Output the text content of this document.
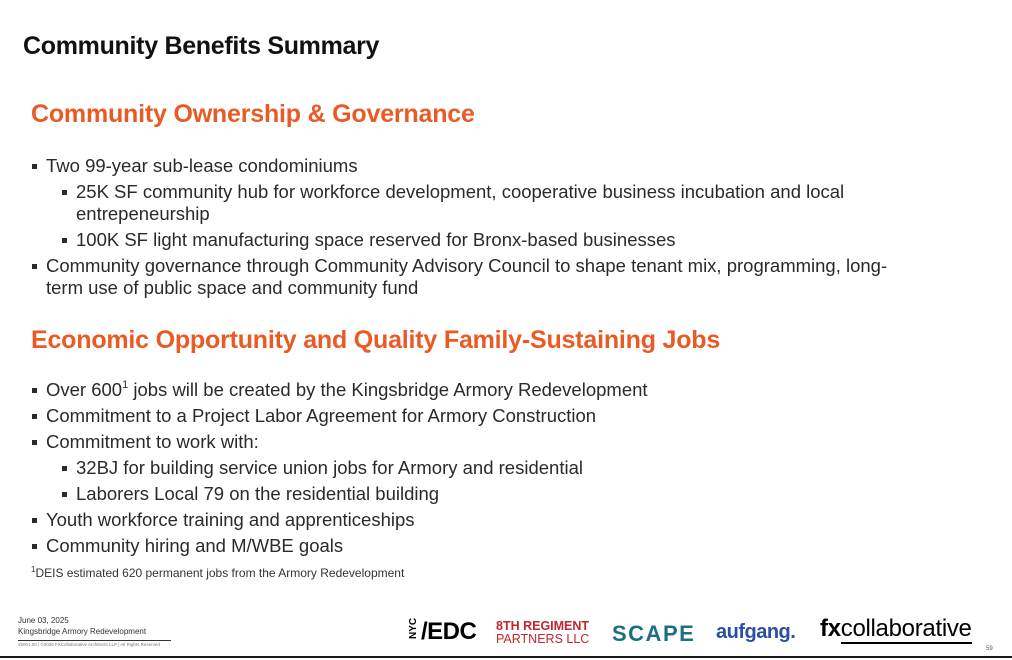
Community Benefits Summary
Community Ownership & Governance
Two 99-year sub-lease condominiums
25K SF community hub for workforce development, cooperative business incubation and local entrepeneurship
100K SF light manufacturing space reserved for Bronx-based businesses
Community governance through Community Advisory Council to shape tenant mix, programming, long-term use of public space and community fund
Economic Opportunity and Quality Family-Sustaining Jobs
Over $600^1$ jobs will be created by the Kingsbridge Armory Redevelopment
Commitment to a Project Labor Agreement for Armory Construction
Commitment to work with:
32BJ for building service union jobs for Armory and residential
Laborers Local 79 on the residential building
Youth workforce training and apprenticeships
Community hiring and M/WBE goals
$^1$DEIS estimated 620 permanent jobs from the Armory Redevelopment
June 03, 2025
Kingsbridge Armory Redevelopment
25001.00 | ©2025 FXCollaborative Architects LLP | All Rights Reserved
NYC /EDC 8TH REGIMENT
PARTNERS LLC SCAPE aufgang. fxcollaborative
59
